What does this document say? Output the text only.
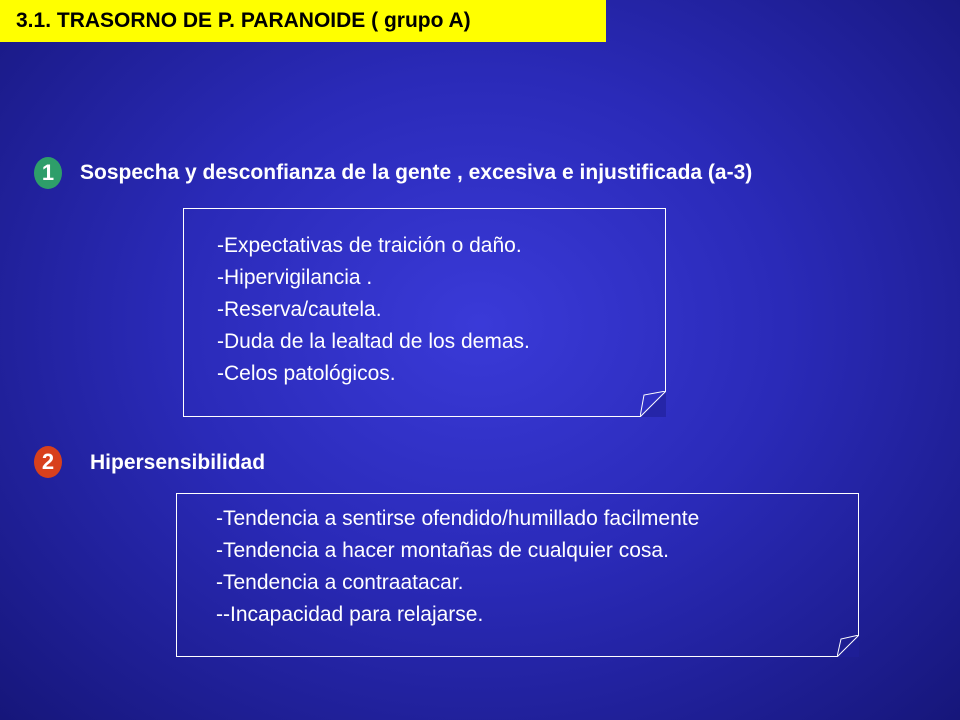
3.1. TRASORNO DE P. PARANOIDE ( grupo A)
1 Sospecha y desconfianza de la gente , excesiva e injustificada (a-3)
-Expectativas de traición o daño.
-Hipervigilancia .
-Reserva/cautela.
-Duda de la lealtad de los demas.
-Celos patológicos.
2 Hipersensibilidad
-Tendencia a sentirse ofendido/humillado facilmente
-Tendencia a hacer montañas de cualquier cosa.
-Tendencia a contraatacar.
--Incapacidad para relajarse.
